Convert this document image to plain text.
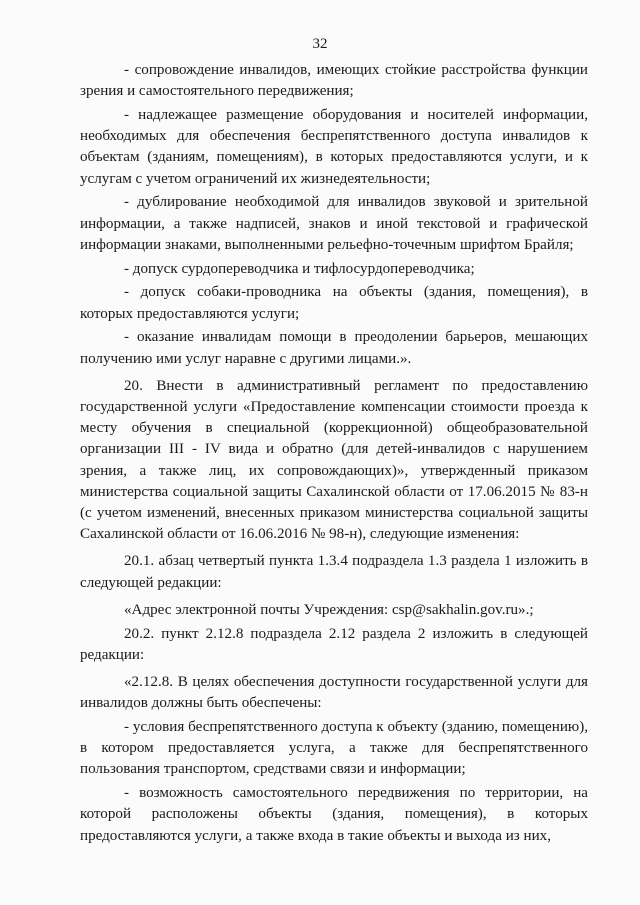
32

- сопровождение инвалидов, имеющих стойкие расстройства функции зрения и самостоятельного передвижения;

- надлежащее размещение оборудования и носителей информации, необходимых для обеспечения беспрепятственного доступа инвалидов к объектам (зданиям, помещениям), в которых предоставляются услуги, и к услугам с учетом ограничений их жизнедеятельности;

- дублирование необходимой для инвалидов звуковой и зрительной информации, а также надписей, знаков и иной текстовой и графической информации знаками, выполненными рельефно-точечным шрифтом Брайля;

- допуск сурдопереводчика и тифлосурдопереводчика;

- допуск собаки-проводника на объекты (здания, помещения), в которых предоставляются услуги;

- оказание инвалидам помощи в преодолении барьеров, мешающих получению ими услуг наравне с другими лицами.».

20. Внести в административный регламент по предоставлению государственной услуги «Предоставление компенсации стоимости проезда к месту обучения в специальной (коррекционной) общеобразовательной организации III - IV вида и обратно (для детей-инвалидов с нарушением зрения, а также лиц, их сопровождающих)», утвержденный приказом министерства социальной защиты Сахалинской области от 17.06.2015 № 83-н (с учетом изменений, внесенных приказом министерства социальной защиты Сахалинской области от 16.06.2016 № 98-н), следующие изменения:

20.1. абзац четвертый пункта 1.3.4 подраздела 1.3 раздела 1 изложить в следующей редакции:

«Адрес электронной почты Учреждения: csp@sakhalin.gov.ru».;

20.2. пункт 2.12.8 подраздела 2.12 раздела 2 изложить в следующей редакции:

«2.12.8. В целях обеспечения доступности государственной услуги для инвалидов должны быть обеспечены:

- условия беспрепятственного доступа к объекту (зданию, помещению), в котором предоставляется услуга, а также для беспрепятственного пользования транспортом, средствами связи и информации;

- возможность самостоятельного передвижения по территории, на которой расположены объекты (здания, помещения), в которых предоставляются услуги, а также входа в такие объекты и выхода из них,
